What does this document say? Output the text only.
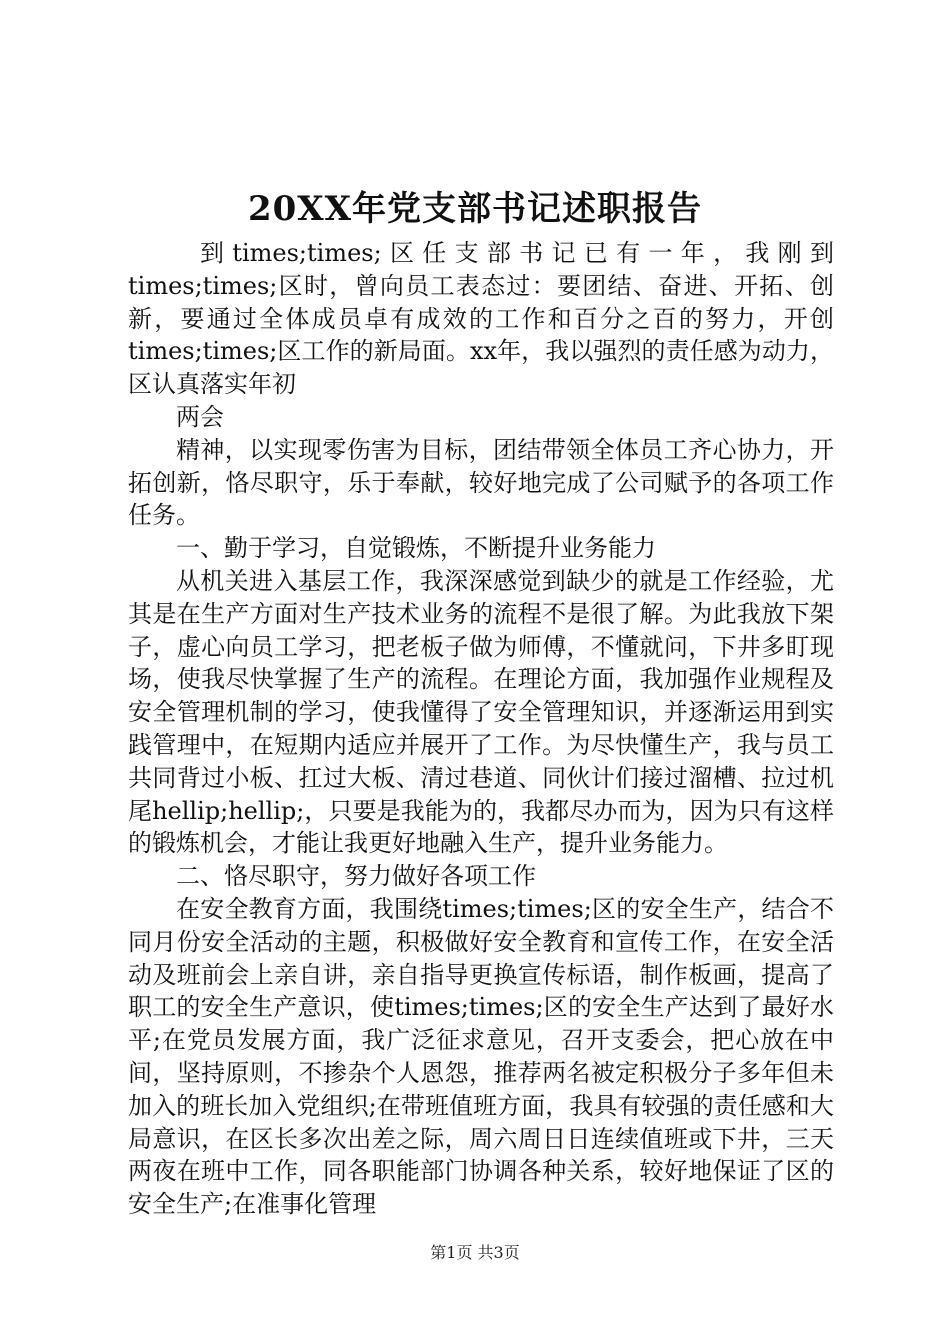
20XX年党支部书记述职报告

到times;times;区任支部书记已有一年，我刚到times;times;区时，曾向员工表态过：要团结、奋进、开拓、创新，要通过全体成员卓有成效的工作和百分之百的努力，开创times;times;区工作的新局面。xx年，我以强烈的责任感为动力，区认真落实年初

两会

精神，以实现零伤害为目标，团结带领全体员工齐心协力，开拓创新，恪尽职守，乐于奉献，较好地完成了公司赋予的各项工作任务。

一、勤于学习，自觉锻炼，不断提升业务能力

从机关进入基层工作，我深深感觉到缺少的就是工作经验，尤其是在生产方面对生产技术业务的流程不是很了解。为此我放下架子，虚心向员工学习，把老板子做为师傅，不懂就问，下井多盯现场，使我尽快掌握了生产的流程。在理论方面，我加强作业规程及安全管理机制的学习，使我懂得了安全管理知识，并逐渐运用到实践管理中，在短期内适应并展开了工作。为尽快懂生产，我与员工共同背过小板、扛过大板、清过巷道、同伙计们接过溜槽、拉过机尾hellip;hellip;，只要是我能为的，我都尽办而为，因为只有这样的锻炼机会，才能让我更好地融入生产，提升业务能力。

二、恪尽职守，努力做好各项工作

在安全教育方面，我围绕times;times;区的安全生产，结合不同月份安全活动的主题，积极做好安全教育和宣传工作，在安全活动及班前会上亲自讲，亲自指导更换宣传标语，制作板画，提高了职工的安全生产意识，使times;times;区的安全生产达到了最好水平;在党员发展方面，我广泛征求意见，召开支委会，把心放在中间，坚持原则，不掺杂个人恩怨，推荐两名被定积极分子多年但未加入的班长加入党组织;在带班值班方面，我具有较强的责任感和大局意识，在区长多次出差之际，周六周日日连续值班或下井，三天两夜在班中工作，同各职能部门协调各种关系，较好地保证了区的安全生产;在准事化管理

第1页 共3页
